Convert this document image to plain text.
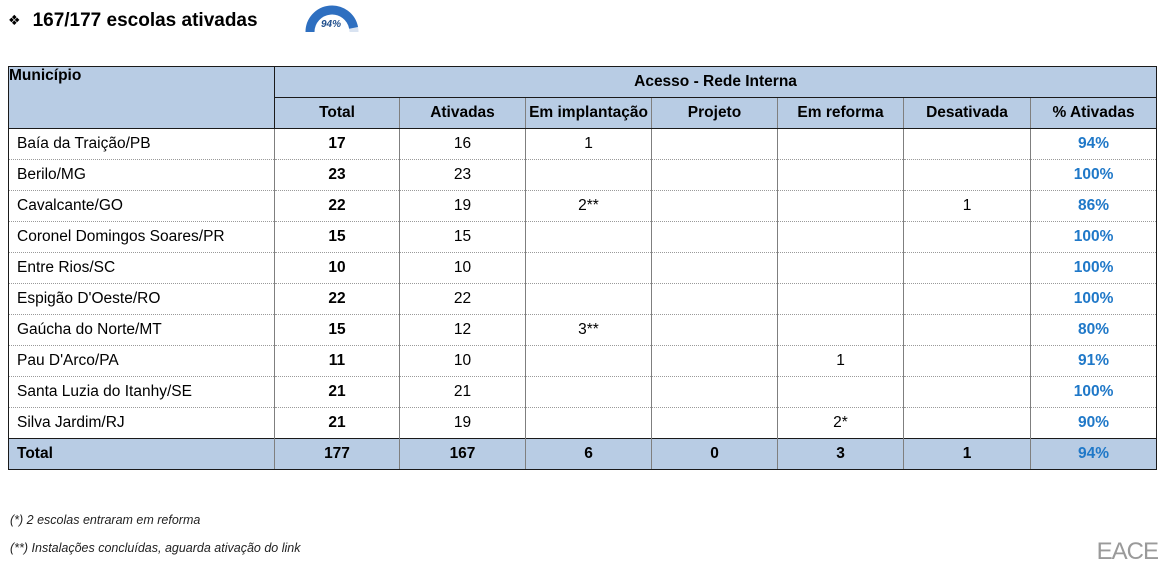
❖ 167/177 escolas ativadas	94%
Município	Acesso - Rede Interna						
	Total	Ativadas	Em implantação	Projeto	Em reforma	Desativada	% Ativadas
Baía da Traição/PB	17	16	1				94%
Berilo/MG	23	23					100%
Cavalcante/GO	22	19	2**			1	86%
Coronel Domingos Soares/PR	15	15					100%
Entre Rios/SC	10	10					100%
Espigão D'Oeste/RO	22	22					100%
Gaúcha do Norte/MT	15	12	3**				80%
Pau D'Arco/PA	11	10			1		91%
Santa Luzia do Itanhy/SE	21	21					100%
Silva Jardim/RJ	21	19			2*		90%
Total	177	167	6	0	3	1	94%
(*) 2 escolas entraram em reforma
(**) Instalações concluídas, aguarda ativação do link	EACE
